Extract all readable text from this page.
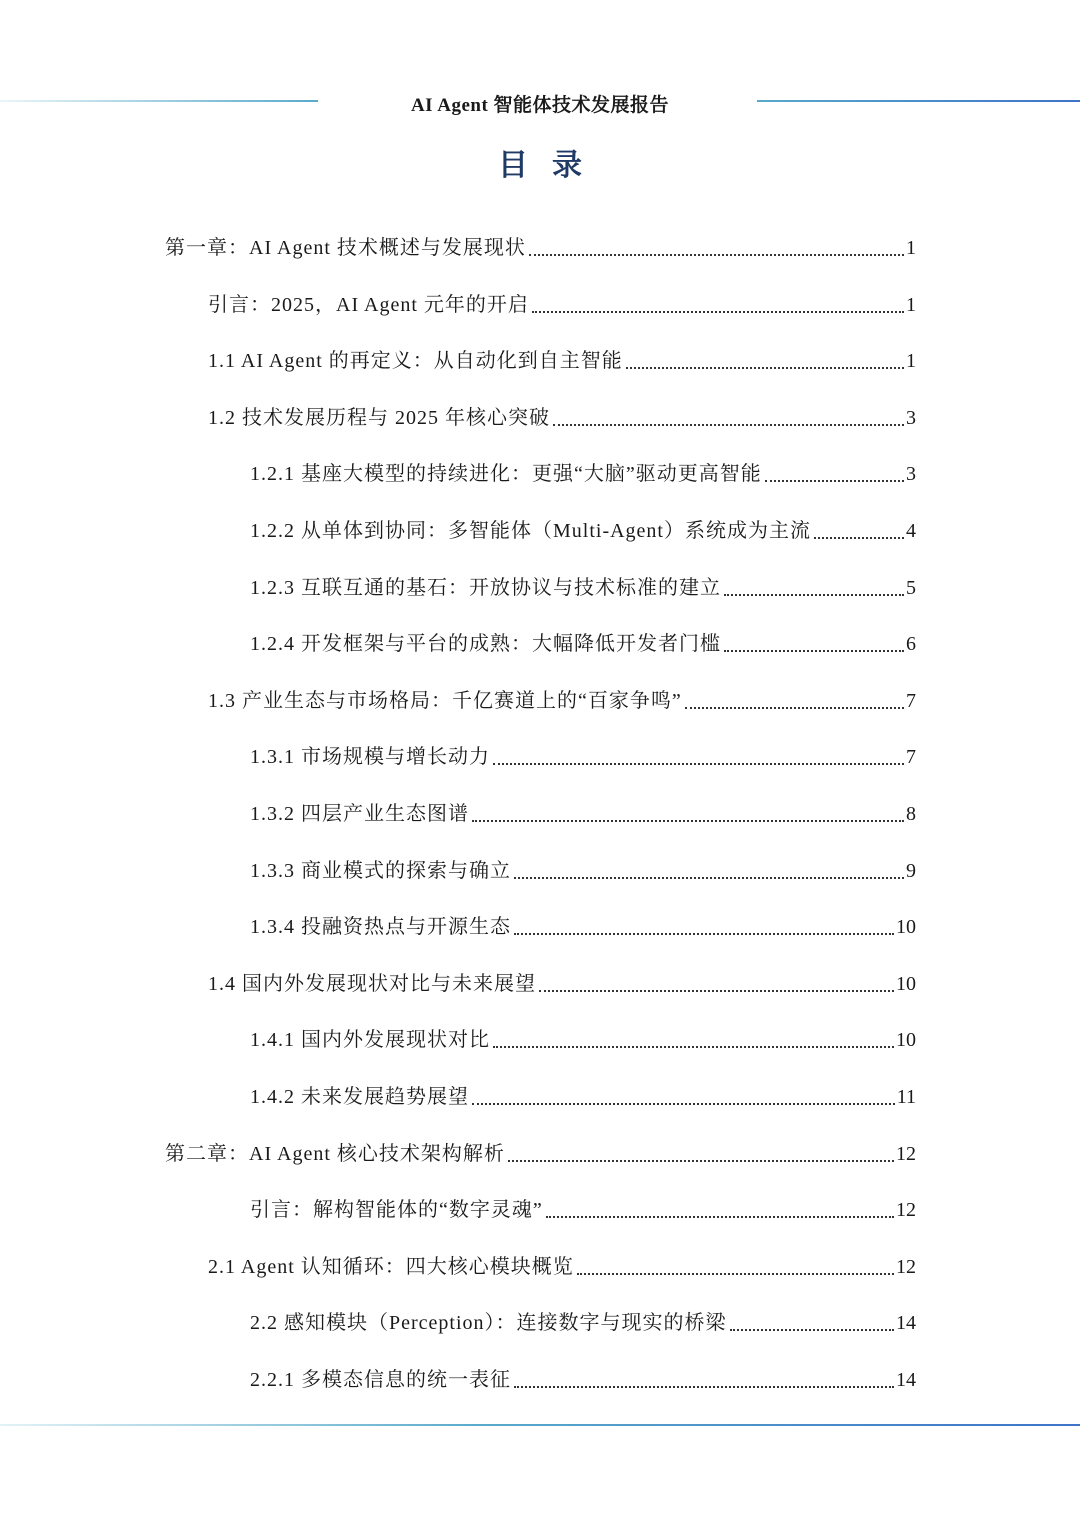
AI Agent 智能体技术发展报告
目录
第一章：AI Agent 技术概述与发展现状	1
引言：2025，AI Agent 元年的开启	1
1.1 AI Agent 的再定义：从自动化到自主智能	1
1.2 技术发展历程与 2025 年核心突破	3
1.2.1 基座大模型的持续进化：更强“大脑”驱动更高智能	3
1.2.2 从单体到协同：多智能体（Multi-Agent）系统成为主流	4
1.2.3 互联互通的基石：开放协议与技术标准的建立	5
1.2.4 开发框架与平台的成熟：大幅降低开发者门槛	6
1.3 产业生态与市场格局：千亿赛道上的“百家争鸣”	7
1.3.1 市场规模与增长动力	7
1.3.2 四层产业生态图谱	8
1.3.3 商业模式的探索与确立	9
1.3.4 投融资热点与开源生态	10
1.4 国内外发展现状对比与未来展望	10
1.4.1 国内外发展现状对比	10
1.4.2 未来发展趋势展望	11
第二章：AI Agent 核心技术架构解析	12
引言：解构智能体的“数字灵魂”	12
2.1 Agent 认知循环：四大核心模块概览	12
2.2 感知模块（Perception）：连接数字与现实的桥梁	14
2.2.1 多模态信息的统一表征	14
